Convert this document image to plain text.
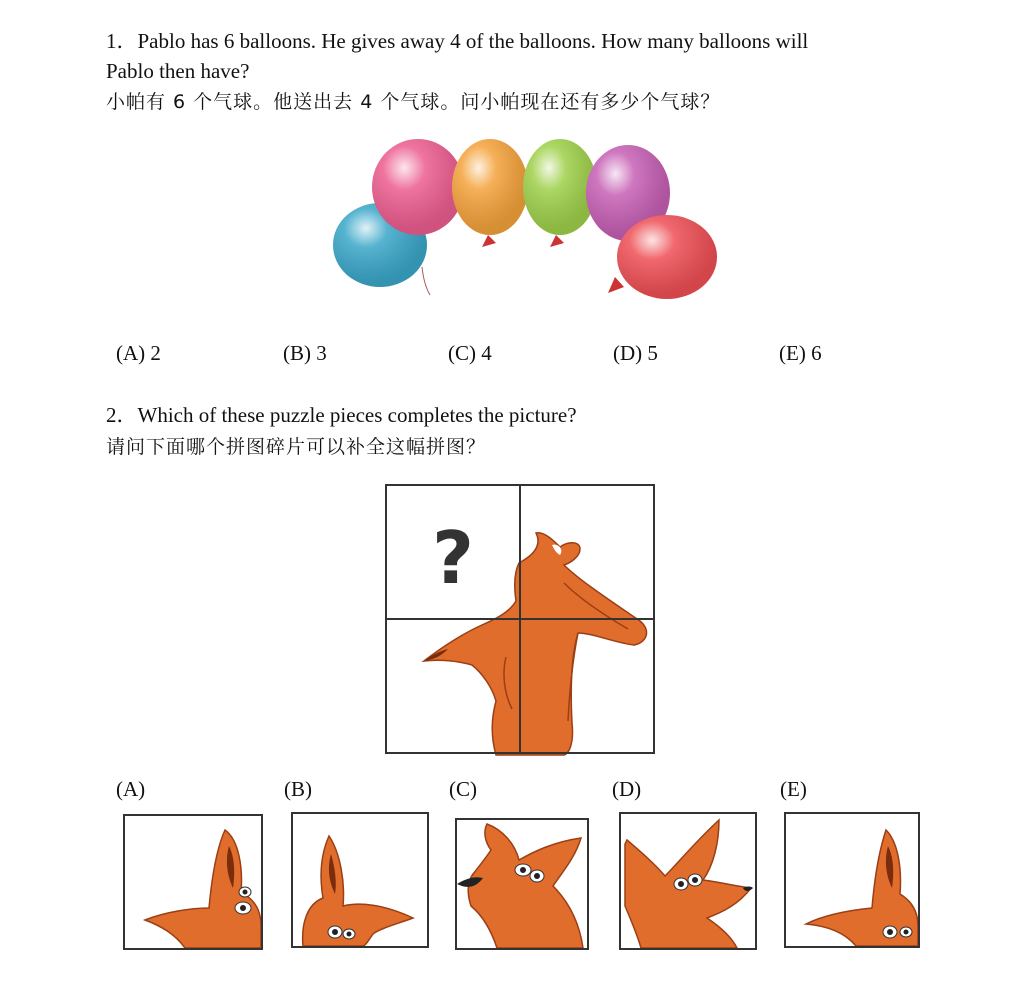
1．Pablo has 6 balloons. He gives away 4 of the balloons. How many balloons will
Pablo then have?
小帕有 6 个气球。他送出去 4 个气球。问小帕现在还有多少个气球？
(A) 2	(B) 3	(C) 4	(D) 5	(E) 6
2．Which of these puzzle pieces completes the picture?
请问下面哪个拼图碎片可以补全这幅拼图？
?
(A)	(B)	(C)	(D)	(E)
